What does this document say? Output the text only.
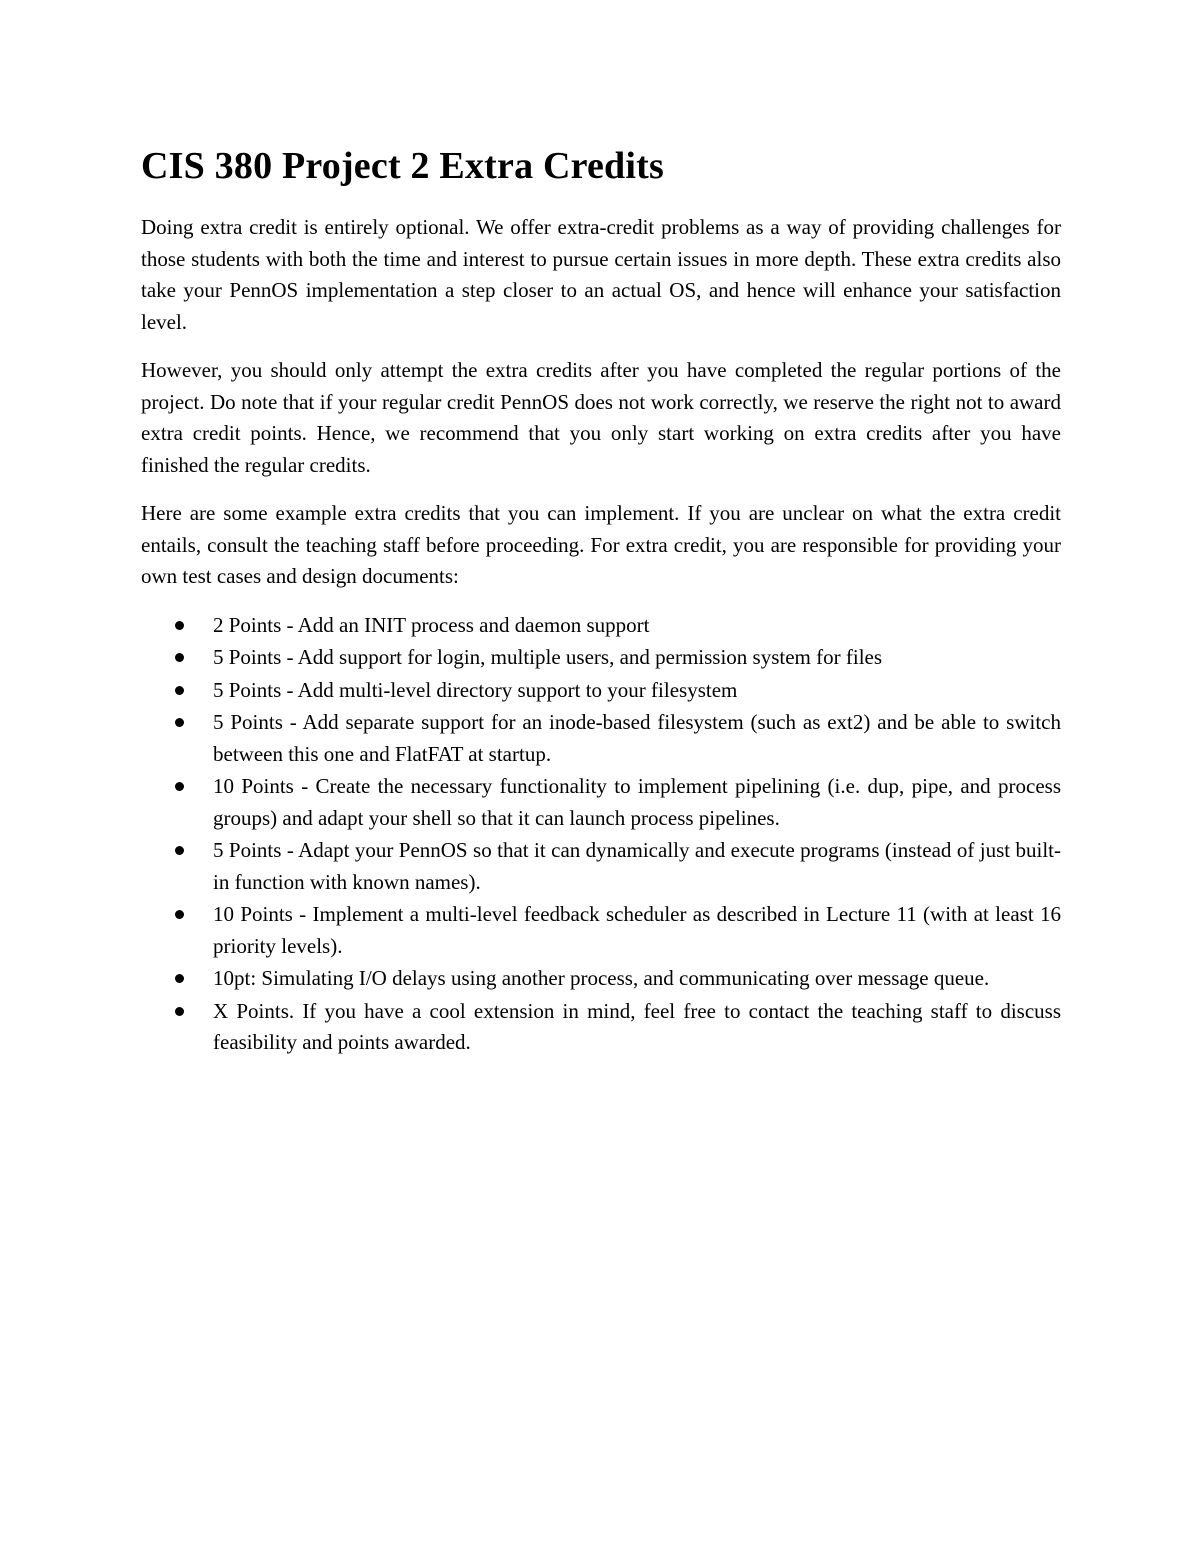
CIS 380 Project 2 Extra Credits

Doing extra credit is entirely optional. We offer extra-credit problems as a way of providing challenges for those students with both the time and interest to pursue certain issues in more depth. These extra credits also take your PennOS implementation a step closer to an actual OS, and hence will enhance your satisfaction level.

However, you should only attempt the extra credits after you have completed the regular portions of the project. Do note that if your regular credit PennOS does not work correctly, we reserve the right not to award extra credit points. Hence, we recommend that you only start working on extra credits after you have finished the regular credits.

Here are some example extra credits that you can implement. If you are unclear on what the extra credit entails, consult the teaching staff before proceeding. For extra credit, you are responsible for providing your own test cases and design documents:

2 Points - Add an INIT process and daemon support
5 Points - Add support for login, multiple users, and permission system for files
5 Points - Add multi-level directory support to your filesystem
5 Points - Add separate support for an inode-based filesystem (such as ext2) and be able to switch between this one and FlatFAT at startup.
10 Points - Create the necessary functionality to implement pipelining (i.e. dup, pipe, and process groups) and adapt your shell so that it can launch process pipelines.
5 Points - Adapt your PennOS so that it can dynamically and execute programs (instead of just built-in function with known names).
10 Points - Implement a multi-level feedback scheduler as described in Lecture 11 (with at least 16 priority levels).
10pt: Simulating I/O delays using another process, and communicating over message queue.
X Points. If you have a cool extension in mind, feel free to contact the teaching staff to discuss feasibility and points awarded.
